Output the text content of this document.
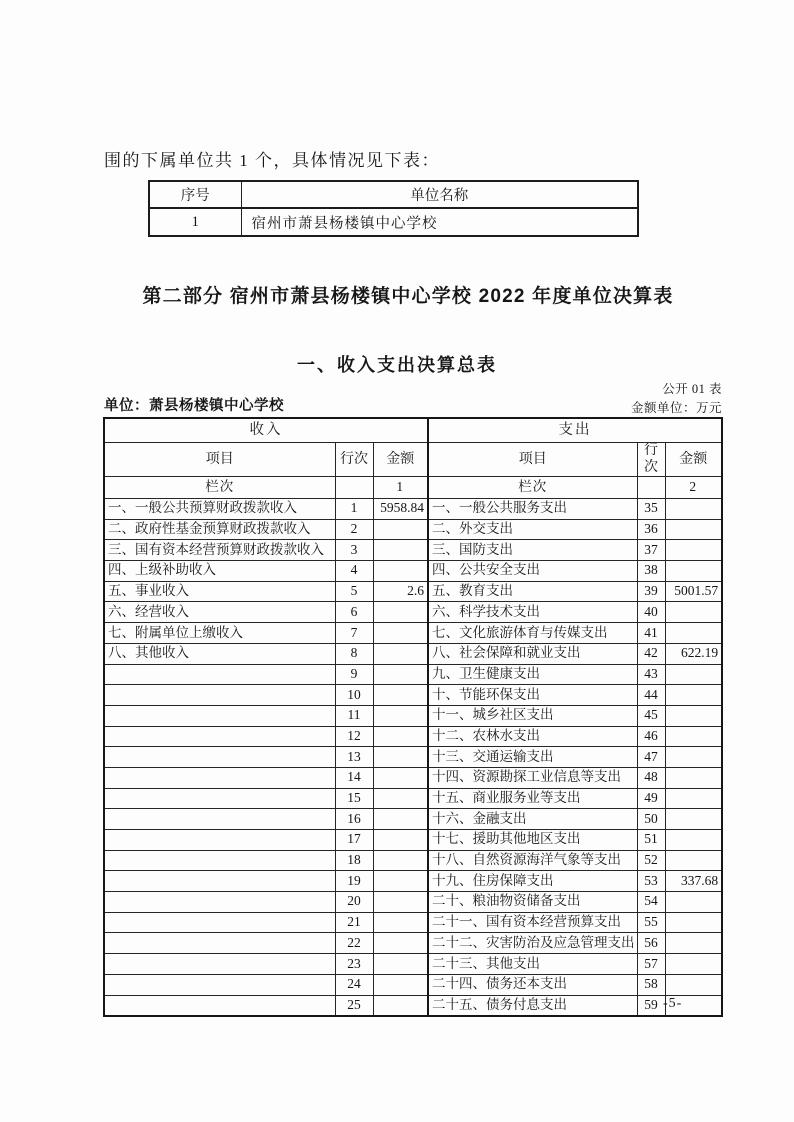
围的下属单位共 1 个，具体情况见下表：

序号	单位名称
1	宿州市萧县杨楼镇中心学校
第二部分 宿州市萧县杨楼镇中心学校 2022 年度单位决算表
一、收入支出决算总表
公开 01 表
单位：萧县杨楼镇中心学校	金额单位：万元
收入			支出		
项目	行次	金额	项目	行次	金额
栏次		1	栏次		2
一、一般公共预算财政拨款收入	1	5958.84	一、一般公共服务支出	35	
二、政府性基金预算财政拨款收入	2		二、外交支出	36	
三、国有资本经营预算财政拨款收入	3		三、国防支出	37	
四、上级补助收入	4		四、公共安全支出	38	
五、事业收入	5	2.6	五、教育支出	39	5001.57
六、经营收入	6		六、科学技术支出	40	
七、附属单位上缴收入	7		七、文化旅游体育与传媒支出	41	
八、其他收入	8		八、社会保障和就业支出	42	622.19
	9		九、卫生健康支出	43	
	10		十、节能环保支出	44	
	11		十一、城乡社区支出	45	
	12		十二、农林水支出	46	
	13		十三、交通运输支出	47	
	14		十四、资源勘探工业信息等支出	48	
	15		十五、商业服务业等支出	49	
	16		十六、金融支出	50	
	17		十七、援助其他地区支出	51	
	18		十八、自然资源海洋气象等支出	52	
	19		十九、住房保障支出	53	337.68
	20		二十、粮油物资储备支出	54	
	21		二十一、国有资本经营预算支出	55	
	22		二十二、灾害防治及应急管理支出	56	
	23		二十三、其他支出	57	
	24		二十四、债务还本支出	58	
	25		二十五、债务付息支出	59	-5-
